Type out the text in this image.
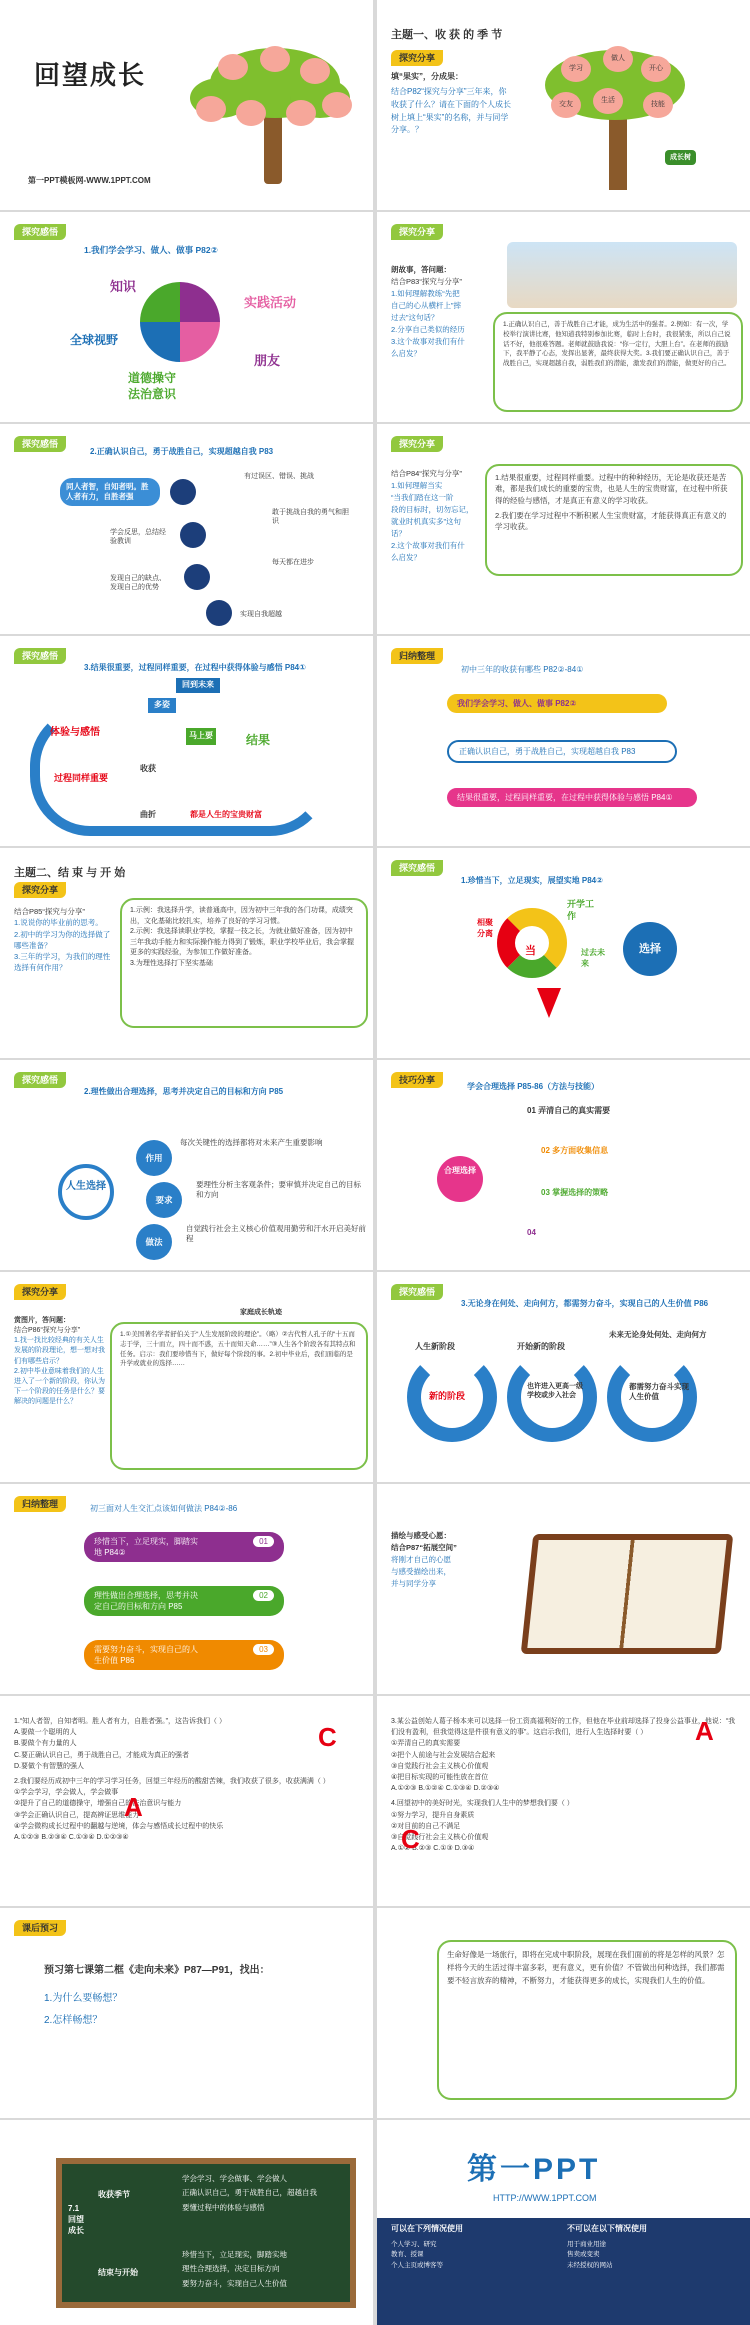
回望成长
第一PPT模板网-WWW.1PPT.COM
主题一、收 获 的 季 节
探究分享
填“果实”，分成果：
结合P82“探究与分享”三年来，你收获了什么？请在下面的个人成长树上填上“果实”的名称，并与同学分享。？
学习
做人
开心
交友
生活
技能
成长树
探究感悟
1.我们学会学习、做人、做事 P82②
知识
实践活动
朋友
道德操守
法治意识
全球视野
探究分享
朗故事，答问题：
结合P83“探究与分享”
1.如何理解教练“先把
自己的心从横杆上”摔
过去”这句话？
2.分享自己类似的经历
3.这个故事对我们有什
么启发？
1.正确认识自己，善于战胜自己才能，成为生活中的强者。2.例如：有一次，学校举行演讲比赛，他知道我特别参加比赛，临时上台时，我很紧张，所以自己说话不好，他很难答题。老师就鼓励我说：“你一定行，大胆上台”。在老师的鼓励下，我平静了心态，发挥出显著，最终获得大奖。3.我们要正确认识自己，善于战胜自己，实现超越自我，弱胜我们的潜能，激发我们的潜能，做更好的自己。
探究感悟
2.正确认识自己，勇于战胜自己，实现超越自我 P83
同人者智，自知者明。胜人者有力，自胜者强
有过误区、错误、挑战
学会反思，总结经验教训
发现自己的缺点、发现自己的优势
敢于挑战自我的勇气和胆识
每天都在进步
实现自我超越
探究分享
结合P84“探究与分享”
1.如何理解当实
“当我们踏在这一阶
段的目标时，切勿忘记，
就业时机真实多”这句
话？
2.这个故事对我们有什
么启发？
1.结果很重要，过程同样重要。过程中的种种经历，无论是收获还是苦难，都是我们成长的重要的宝贵，也是人生的宝贵财富，在过程中所获得的经验与感悟，才是真正有意义的学习收获。
2.我们要在学习过程中不断积累人生宝贵财富，才能获得真正有意义的学习收获。
探究感悟
3.结果很重要，过程同样重要，在过程中获得体验与感悟 P84①
回到未来
多姿
体验与感悟	马上要	结果
过程同样重要
收获
曲折	都是人生的宝贵财富
归纳整理
初中三年的收获有哪些 P82②-84①
我们学会学习、做人、做事 P82②
正确认识自己，勇于战胜自己，实现超越自我 P83
结果很重要，过程同样重要，在过程中获得体验与感悟 P84①
主题二、结 束 与 开 始
探究分享
结合P85“探究与分享”
1.说说你的毕业前的思考。
2.初中的学习为你的选择做了哪些准备？
3.三年的学习，为我们的理性选择有何作用？
1.示例：我选择升学，读普通高中，因为初中三年我的各门功课，成绩突出，文化基础比较扎实，培养了良好的学习习惯。
2.示例：我选择读职业学校，掌握一技之长，为就业做好准备，因为初中三年我动手能力和实际操作能力得到了锻炼，职业学校毕业后，我会掌握更多的实践经验，为参加工作做好准备。
3.为理性选择打下坚实基础
探究感悟
1.珍惜当下，立足现实，展望实地 P84②
开学工作
相聚分离
当	过去未来
选择
探究感悟
2.理性做出合理选择，思考并决定自己的目标和方向 P85
人生选择
作用
要求
做法
每次关键性的选择都将对未来产生重要影响
要理性分析主客观条件；要审慎并决定自己的目标和方向
自觉践行社会主义核心价值观用勤劳和汗水开启美好前程
技巧分享
学会合理选择 P85-86（方法与技能）
合理选择
01 弄清自己的真实需要
02 多方面收集信息
03 掌握选择的策略
04
探究分享
赏图片，答问题：
结合P86“探究与分享”
1.找一找比较经典的有关人生发展的阶段理论，想一想对我们有哪些启示？
2.初中毕业意味着我们的人生进入了一个新的阶段，你认为下一个阶段的任务是什么？要解决的问题是什么？
家庭成长轨迹
1.①美国著名学者舒伯关于“人生发展阶段的理论”。（略）②古代哲人孔子的“十五而志于学，三十而立，四十而不惑，五十而知天命……”③人生各个阶段各有其特点和任务。启示：我们要珍惜当下，做好每个阶段的事。2.初中毕业后，我们面临的是升学或就业的选择……
探究感悟
3.无论身在何处、走向何方，都需努力奋斗，实现自己的人生价值 P86
人生新阶段	开始新的阶段
未来无论身处何处、走向何方
新的阶段
也许进入更高一级学校或步入社会
都需努力奋斗实现人生价值
归纳整理	初三面对人生交汇点该如何做法 P84②-86
01
珍惜当下，立足现实，脚踏实地 P84②
02
理性做出合理选择，思考并决定自己的目标和方向 P85
03
需要努力奋斗，实现自己的人生价值 P86
描绘与感受心愿：
结合P87“拓展空间”
将刚才自己的心愿
与感受描绘出来，
并与同学分享
1.“知人者智，自知者明。胜人者有力，自胜者强。”，这告诉我们（ ）
A.要做一个聪明的人
B.要做个有力量的人
C.要正确认识自己，勇于战胜自己，才能成为真正的强者
D.要做个有智慧的强人
2.我们要经历成初中三年的学习学习任务，回望三年经历的酸甜苦辣，我们收获了很多，收获满满（ ）
①学会学习，学会做人，学会做事
②提升了自己的道德操守，增强自己的法治意识与能力
③学会正确认识自己，提高辨证思维能力
④学会微构成长过程中的翻越与逆境，体会与感悟成长过程中的快乐
A.①②③ B.②③④ C.①③④ D.①②③④
C
A
3.某公益创始人葛子杨本来可以选择一份工资高福利好的工作，但他在毕业前却选择了投身公益事业，他说：“我们没有盈利，但我觉得这是件很有意义的事”。这启示我们，进行人生选择时要（ ）
①弄清自己的真实需要
②把个人前途与社会发展结合起来
③自觉践行社会主义核心价值观
④把目标实现的可能性放在首位
A.①②③ B.①②④ C.①③④ D.②③④
4.回望初中的美好时光，实现我们人生中的梦想我们要（ ）
①努力学习，提升自身素质
②对目前的自己不满足
③自觉践行社会主义核心价值观
A.①② B.②③ C.①③ D.③④
A
C
课后预习
预习第七课第二框《走向未来》P87—P91，找出：
1.为什么要畅想？
2.怎样畅想？
生命好像是一场旅行，即将在完成中职阶段，展现在我们面前的将是怎样的风景？怎样将今天的生活过得丰富多彩，更有意义，更有价值？不管做出何种选择，我们都需要不轻言放弃的精神，不断努力，才能获得更多的成长，实现我们人生的价值。
7.1 回望成长
收获季节
结束与开始
学会学习、学会做事、学会做人
正确认识自己，勇于战胜自己，超越自我
要懂过程中的体验与感悟
珍惜当下，立足现实，脚踏实地
理性合理选择，决定目标方向
要努力奋斗，实现自己人生价值
第一PPT
HTTP://WWW.1PPT.COM
可以在下列情况使用
个人学习、研究
教育、授课
个人主页或博客等
不可以在以下情况使用
用于商业用途
售卖或变卖
未经授权的网站
